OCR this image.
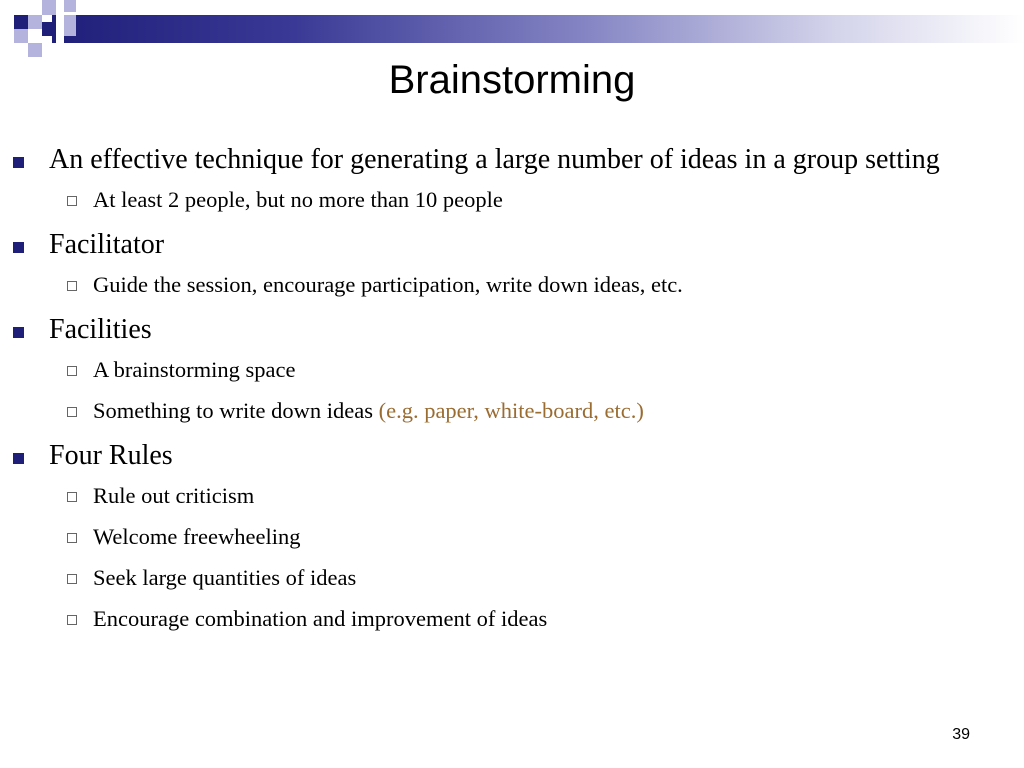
Brainstorming
An effective technique for generating a large number of ideas in a group setting
At least 2 people, but no more than 10 people
Facilitator
Guide the session, encourage participation, write down ideas, etc.
Facilities
A brainstorming space
Something to write down ideas (e.g. paper, white-board, etc.)
Four Rules
Rule out criticism
Welcome freewheeling
Seek large quantities of ideas
Encourage combination and improvement of ideas
39
